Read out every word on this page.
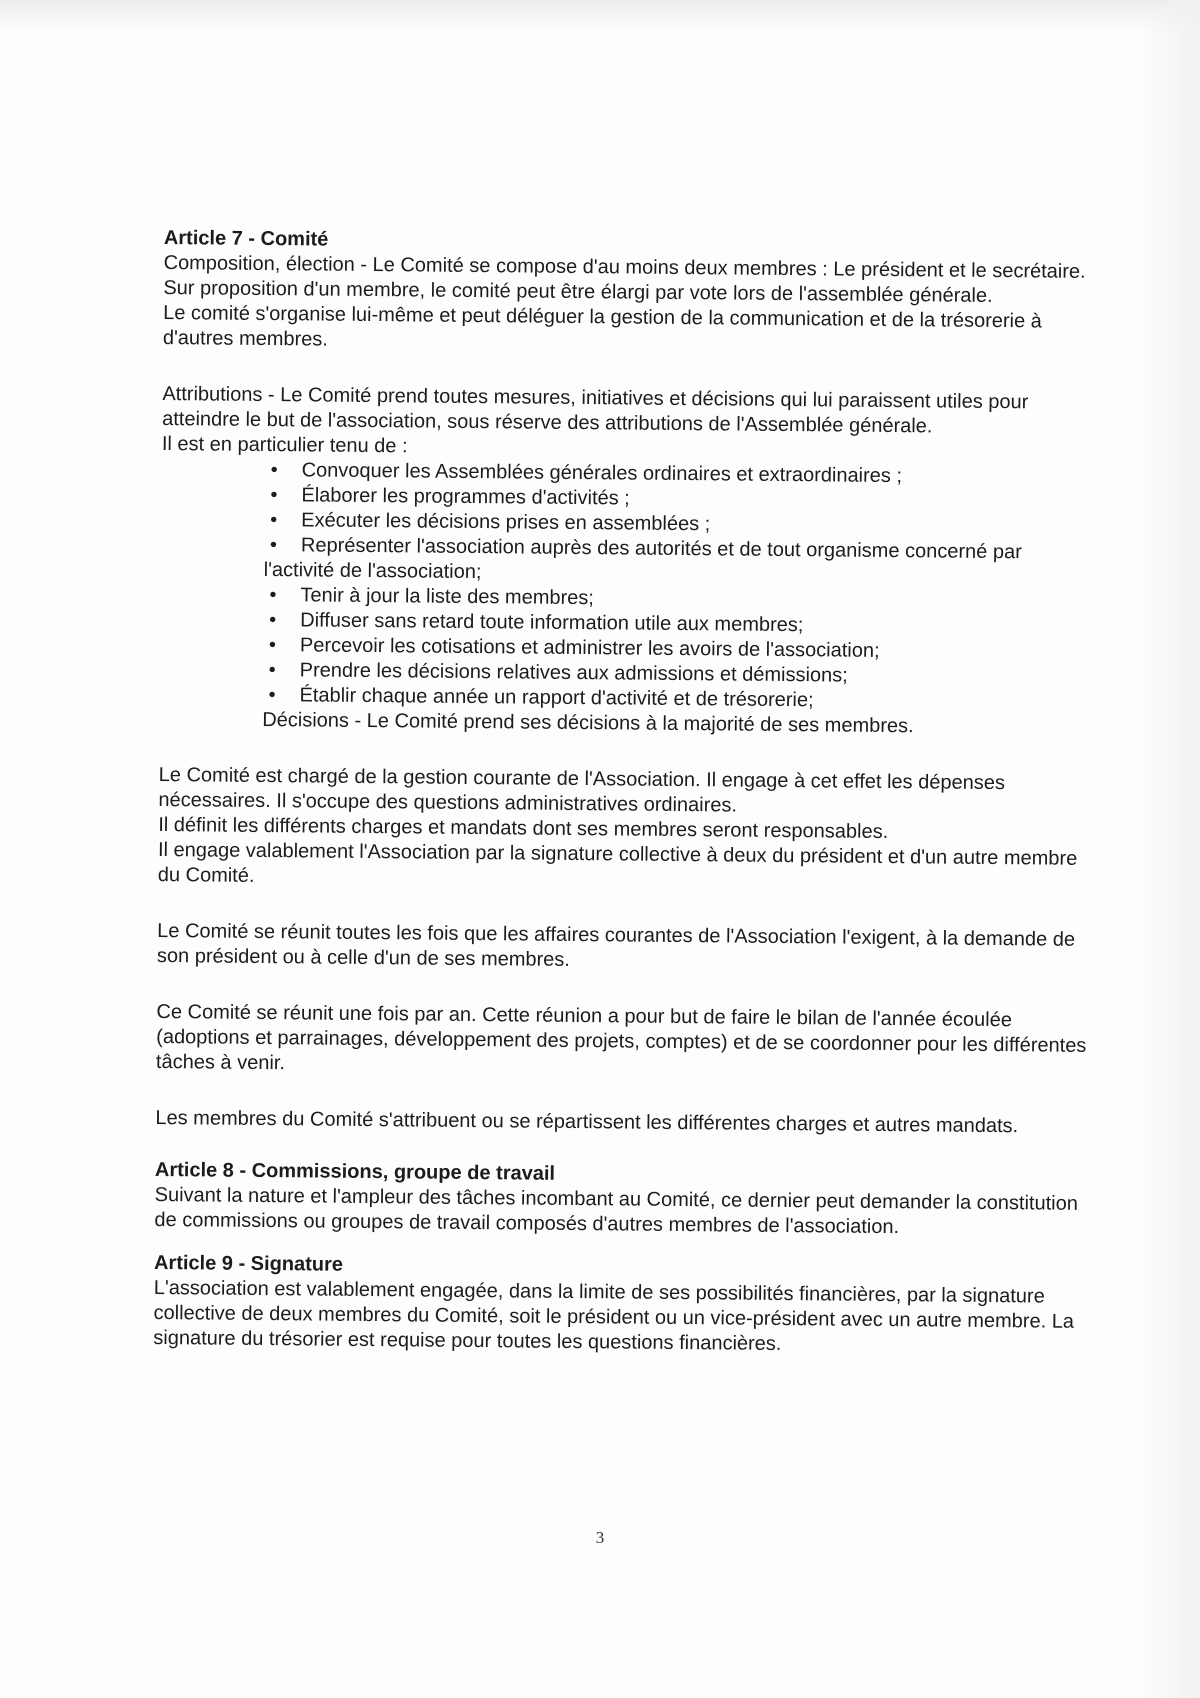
Article 7 - Comité

Composition, élection - Le Comité se compose d'au moins deux membres : Le président et le secrétaire.

Sur proposition d'un membre, le comité peut être élargi par vote lors de l'assemblée générale.

Le comité s'organise lui-même et peut déléguer la gestion de la communication et de la trésorerie à d'autres membres.

Attributions - Le Comité prend toutes mesures, initiatives et décisions qui lui paraissent utiles pour atteindre le but de l'association, sous réserve des attributions de l'Assemblée générale.

Il est en particulier tenu de :

• Convoquer les Assemblées générales ordinaires et extraordinaires ;
• Élaborer les programmes d'activités ;
• Exécuter les décisions prises en assemblées ;
• Représenter l'association auprès des autorités et de tout organisme concerné par l'activité de l'association;
• Tenir à jour la liste des membres;
• Diffuser sans retard toute information utile aux membres;
• Percevoir les cotisations et administrer les avoirs de l'association;
• Prendre les décisions relatives aux admissions et démissions;
• Établir chaque année un rapport d'activité et de trésorerie;

Décisions - Le Comité prend ses décisions à la majorité de ses membres.

Le Comité est chargé de la gestion courante de l'Association. Il engage à cet effet les dépenses nécessaires. Il s'occupe des questions administratives ordinaires.

Il définit les différents charges et mandats dont ses membres seront responsables.

Il engage valablement l'Association par la signature collective à deux du président et d'un autre membre du Comité.

Le Comité se réunit toutes les fois que les affaires courantes de l'Association l'exigent, à la demande de son président ou à celle d'un de ses membres.

Ce Comité se réunit une fois par an. Cette réunion a pour but de faire le bilan de l'année écoulée (adoptions et parrainages, développement des projets, comptes) et de se coordonner pour les différentes tâches à venir.

Les membres du Comité s'attribuent ou se répartissent les différentes charges et autres mandats.

Article 8 - Commissions, groupe de travail

Suivant la nature et l'ampleur des tâches incombant au Comité, ce dernier peut demander la constitution de commissions ou groupes de travail composés d'autres membres de l'association.

Article 9 - Signature

L'association est valablement engagée, dans la limite de ses possibilités financières, par la signature collective de deux membres du Comité, soit le président ou un vice-président avec un autre membre. La signature du trésorier est requise pour toutes les questions financières.

3
